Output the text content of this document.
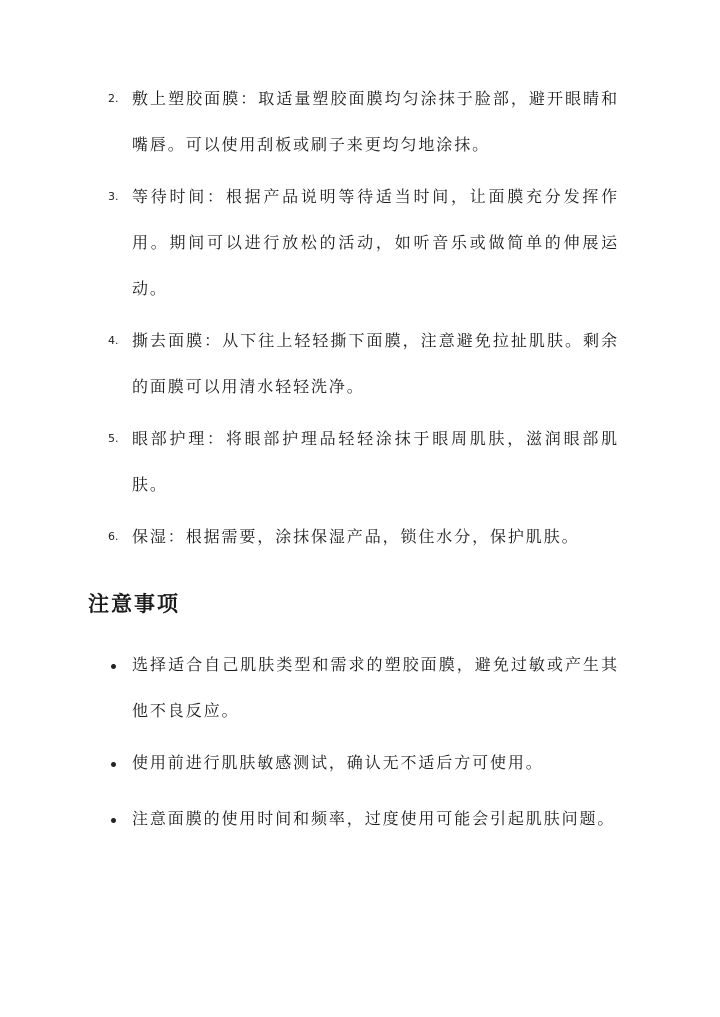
2. 敷上塑胶面膜：取适量塑胶面膜均匀涂抹于脸部，避开眼睛和嘴唇。可以使用刮板或刷子来更均匀地涂抹。
3. 等待时间：根据产品说明等待适当时间，让面膜充分发挥作用。期间可以进行放松的活动，如听音乐或做简单的伸展运动。
4. 撕去面膜：从下往上轻轻撕下面膜，注意避免拉扯肌肤。剩余的面膜可以用清水轻轻洗净。
5. 眼部护理：将眼部护理品轻轻涂抹于眼周肌肤，滋润眼部肌肤。
6. 保湿：根据需要，涂抹保湿产品，锁住水分，保护肌肤。
注意事项
选择适合自己肌肤类型和需求的塑胶面膜，避免过敏或产生其他不良反应。
使用前进行肌肤敏感测试，确认无不适后方可使用。
注意面膜的使用时间和频率，过度使用可能会引起肌肤问题。
